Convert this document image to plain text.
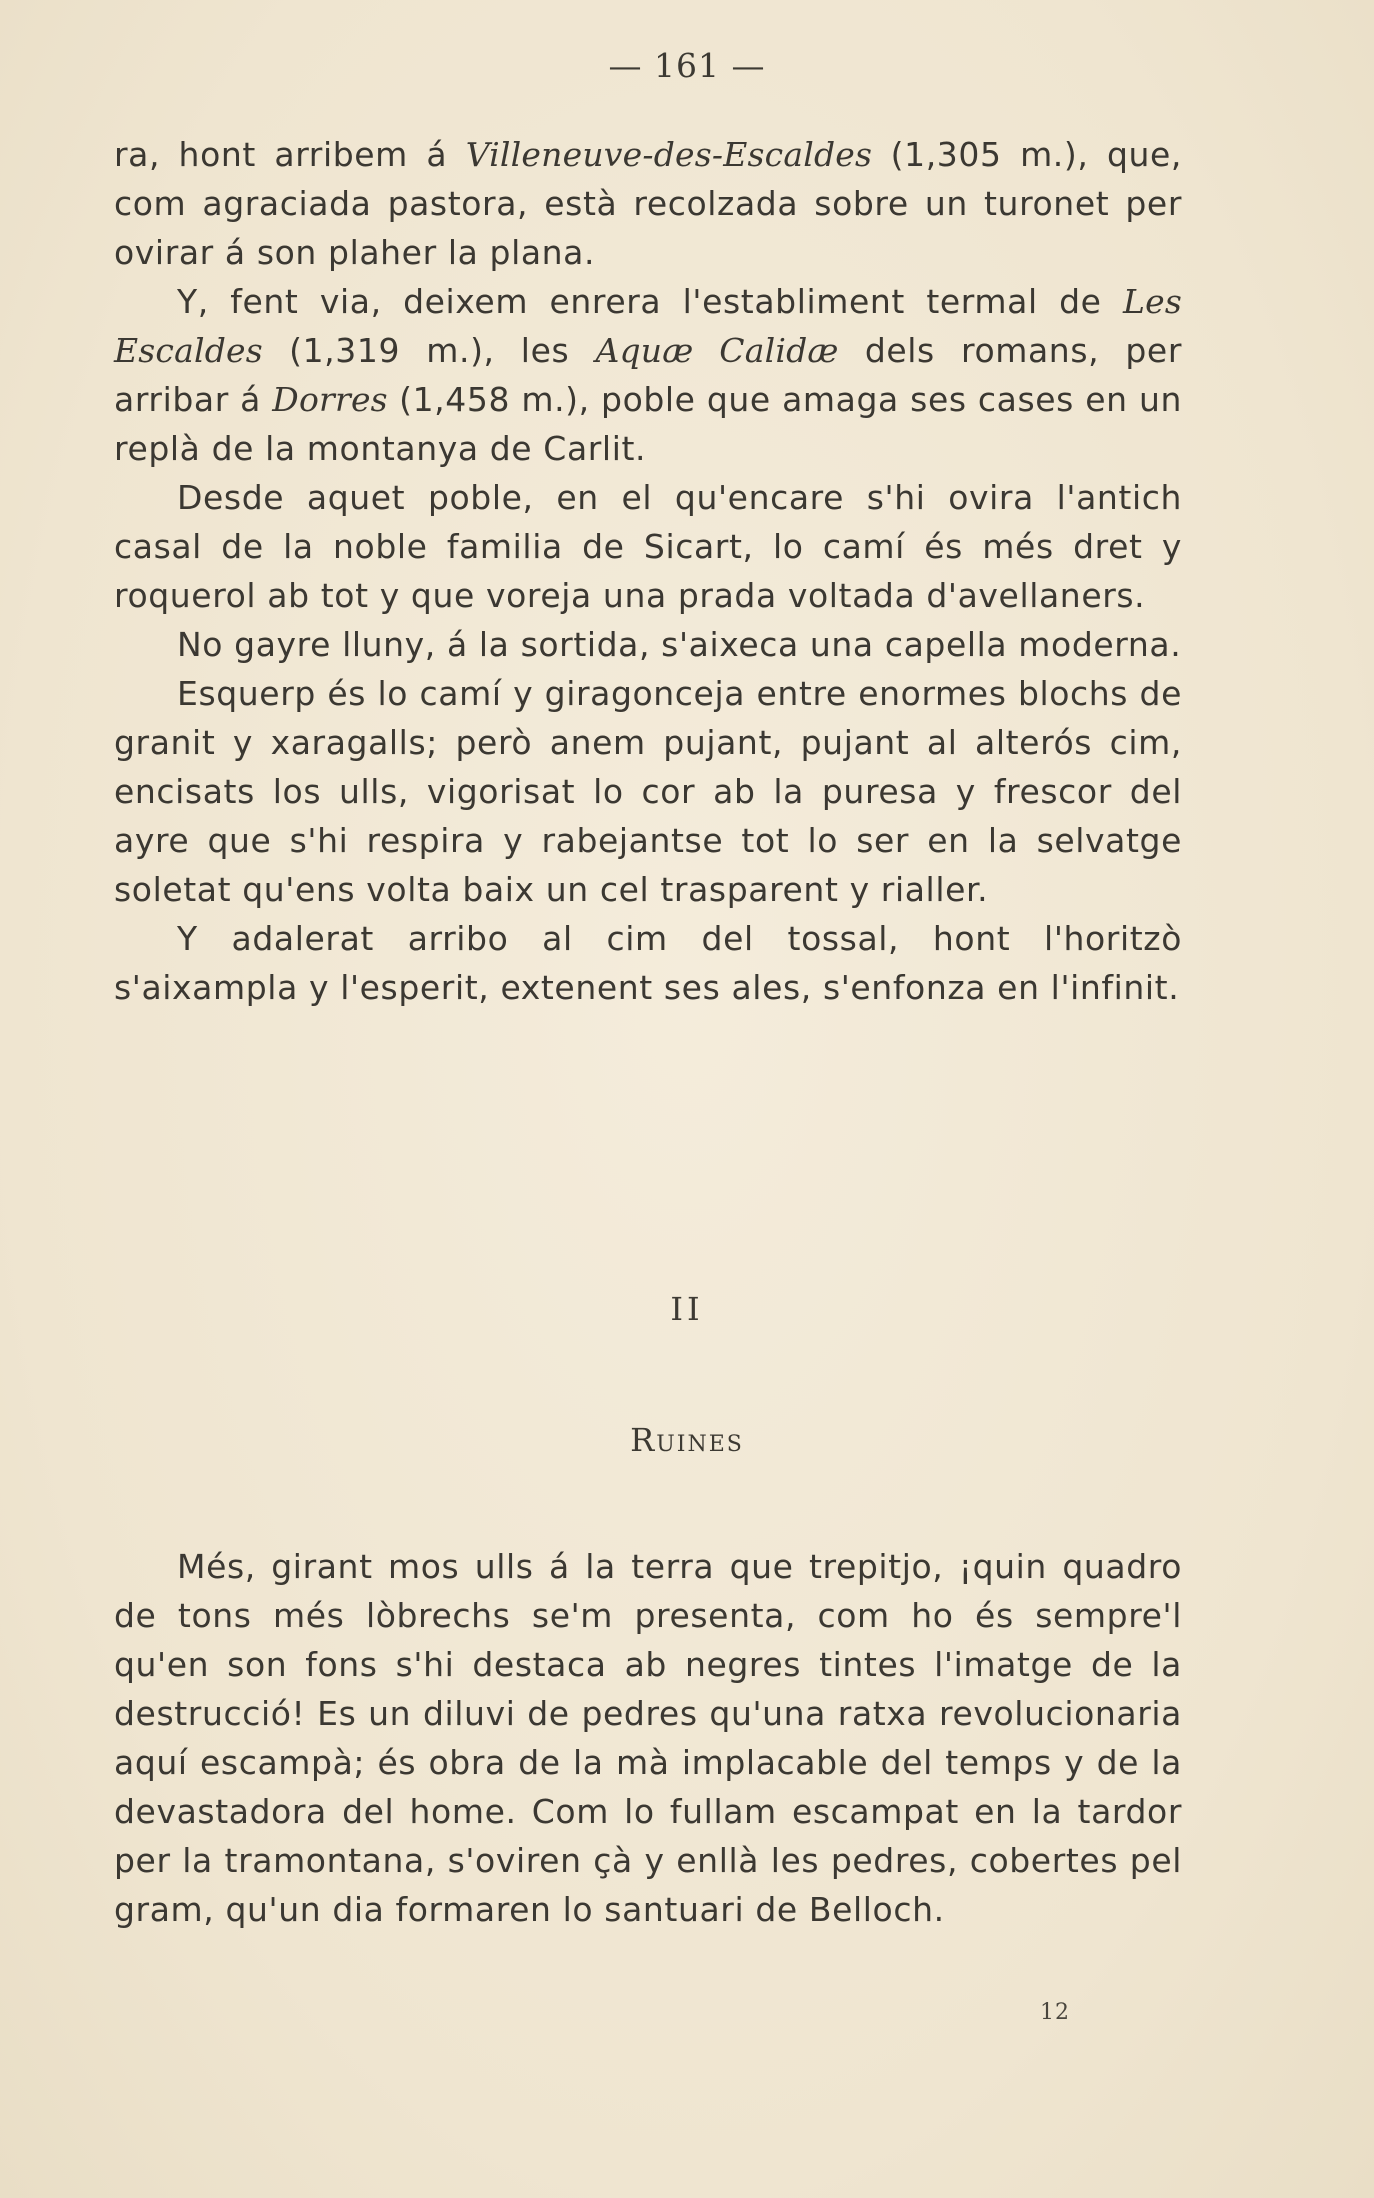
— 161 —

ra, hont arribem á Villeneuve-des-Escaldes (1,305 m.), que, com agraciada pastora, està recolzada sobre un turonet per ovirar á son plaher la plana.

Y, fent via, deixem enrera l'establiment termal de Les Escaldes (1,319 m.), les Aquæ Calidæ dels romans, per arribar á Dorres (1,458 m.), poble que amaga ses cases en un replà de la montanya de Carlit.

Desde aquet poble, en el qu'encare s'hi ovira l'antich casal de la noble familia de Sicart, lo camí és més dret y roquerol ab tot y que voreja una prada voltada d'avellaners.

No gayre lluny, á la sortida, s'aixeca una capella moderna.

Esquerp és lo camí y giragonceja entre enormes blochs de granit y xaragalls; però anem pujant, pujant al alterós cim, encisats los ulls, vigorisat lo cor ab la puresa y frescor del ayre que s'hi respira y rabejantse tot lo ser en la selvatge soletat qu'ens volta baix un cel trasparent y rialler.

Y adalerat arribo al cim del tossal, hont l'horitzò s'aixampla y l'esperit, extenent ses ales, s'enfonza en l'infinit.

II
Ruines

Més, girant mos ulls á la terra que trepitjo, ¡quin quadro de tons més lòbrechs se'm presenta, com ho és sempre'l qu'en son fons s'hi destaca ab negres tintes l'imatge de la destrucció! Es un diluvi de pedres qu'una ratxa revolucionaria aquí escampà; és obra de la mà implacable del temps y de la devastadora del home. Com lo fullam escampat en la tardor per la tramontana, s'oviren çà y enllà les pedres, cobertes pel gram, qu'un dia formaren lo santuari de Belloch.

12
